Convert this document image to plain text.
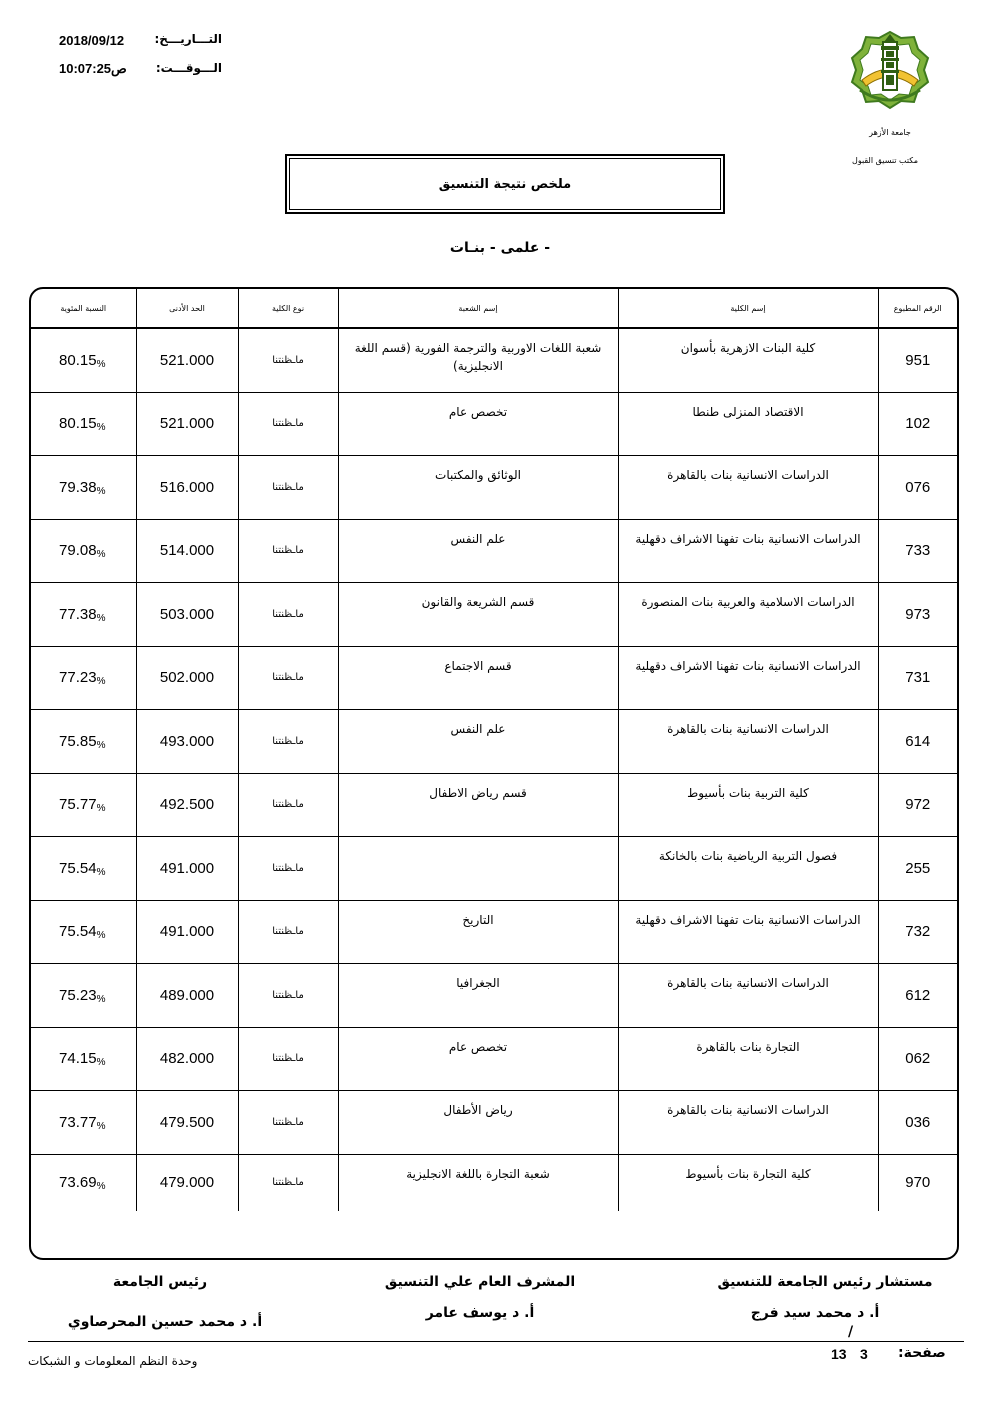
2018/09/12	التـــاريـــخ:
ص10:07:25	الـــوقـــت:
جامعة الأزهر
مكتب تنسيق القبول
ملخص نتيجة التنسيق
- علمى - بنـات
النسبة المئوية	الحد الأدنى	نوع الكلية	إسم الشعبة	إسم الكلية	الرقم المطبوع

80.15 %	521.000	ماـظنتنا	شعبة اللغات الاوربية والترجمة الفورية (قسم اللغة الانجليزية)	كلية البنات الازهرية بأسوان	951

80.15 %	521.000	ماـظنتنا	تخصص عام	الاقتصاد المنزلى طنطا	102

79.38 %	516.000	ماـظنتنا	الوثائق والمكتبات	الدراسات الانسانية بنات بالقاهرة	076

79.08 %	514.000	ماـظنتنا	علم النفس	الدراسات الانسانية بنات تفهنا الاشراف دقهلية	733

77.38 %	503.000	ماـظنتنا	قسم الشريعة والقانون	الدراسات الاسلامية والعربية بنات المنصورة	973

77.23 %	502.000	ماـظنتنا	قسم الاجتماع	الدراسات الانسانية بنات تفهنا الاشراف دقهلية	731

75.85 %	493.000	ماـظنتنا	علم النفس	الدراسات الانسانية بنات بالقاهرة	614

75.77 %	492.500	ماـظنتنا	قسم رياض الاطفال	كلية التربية بنات بأسيوط	972

75.54 %	491.000	ماـظنتنا		فصول التربية الرياضية بنات بالخانكة	255

75.54 %	491.000	ماـظنتنا	التاريخ	الدراسات الانسانية بنات تفهنا الاشراف دقهلية	732

75.23 %	489.000	ماـظنتنا	الجغرافيا	الدراسات الانسانية بنات بالقاهرة	612

74.15 %	482.000	ماـظنتنا	تخصص عام	التجارة بنات بالقاهرة	062

73.77 %	479.500	ماـظنتنا	رياض الأطفال	الدراسات الانسانية بنات بالقاهرة	036

73.69 %	479.000	ماـظنتنا	شعبة التجارة باللغة الانجليزية	كلية التجارة بنات بأسيوط	970
مستشار رئيس الجامعة للتنسيق
أ. د محمد سيد فرج
/
المشرف العام علي التنسيق
أ. د يوسف عامر
رئيس الجامعة
أ. د محمد حسين المحرصاوي
وحدة النظم المعلومات و الشبكات	13 3 صفحة:
